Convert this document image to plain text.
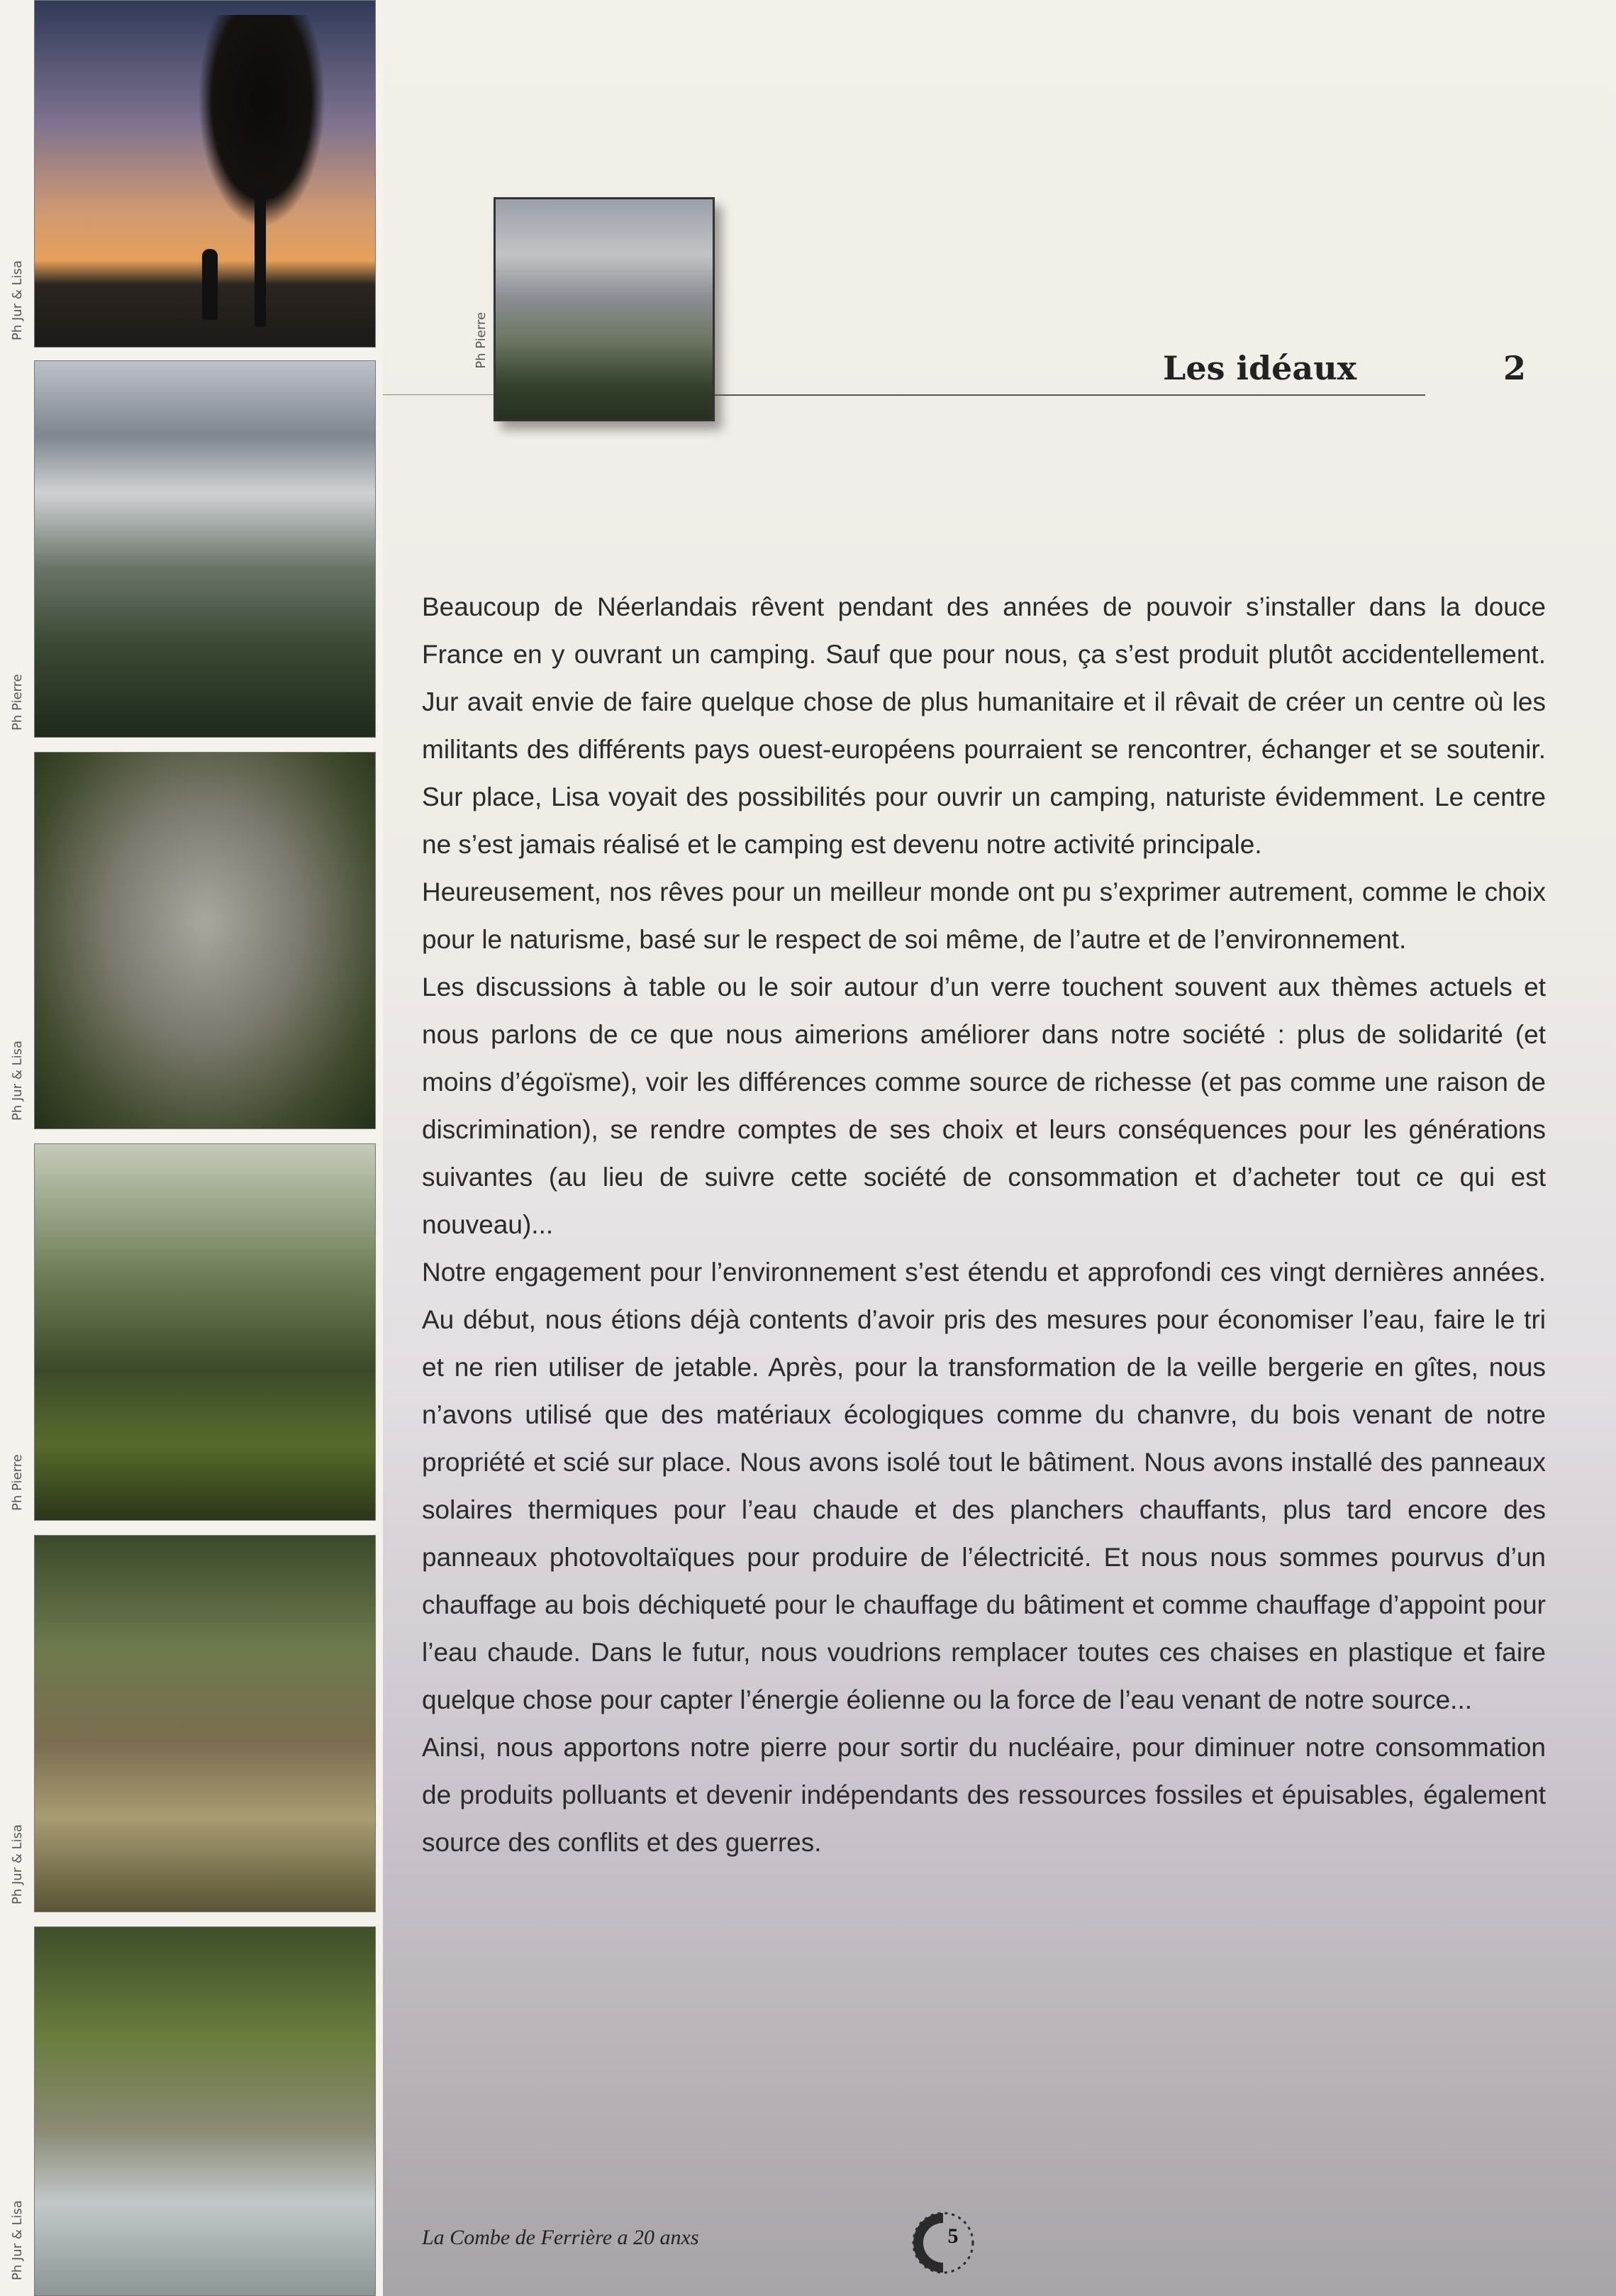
Ph Jur & Lisa
Ph Pierre
Ph Jur & Lisa
Ph Pierre
Ph Jur & Lisa
Ph Jur & Lisa
Ph Pierre	Les idéaux	2

Beaucoup de Néerlandais rêvent pendant des années de pouvoir s’installer dans la douce France en y ouvrant un camping. Sauf que pour nous, ça s’est produit plutôt accidentellement. Jur avait envie de faire quelque chose de plus humanitaire et il rêvait de créer un centre où les militants des différents pays ouest-européens pourraient se rencontrer, échanger et se soutenir. Sur place, Lisa voyait des possibilités pour ouvrir un camping, naturiste évidemment. Le centre ne s’est jamais réalisé et le camping est devenu notre activité principale.

Heureusement, nos rêves pour un meilleur monde ont pu s’exprimer autrement, comme le choix pour le naturisme, basé sur le respect de soi même, de l’autre et de l’environnement.

Les discussions à table ou le soir autour d’un verre touchent souvent aux thèmes actuels et nous parlons de ce que nous aimerions améliorer dans notre société : plus de solidarité (et moins d’égoïsme), voir les différences comme source de richesse (et pas comme une raison de discrimination), se rendre comptes de ses choix et leurs conséquences pour les générations suivantes (au lieu de suivre cette société de consommation et d’acheter tout ce qui est nouveau)...

Notre engagement pour l’environnement s’est étendu et approfondi ces vingt dernières années. Au début, nous étions déjà contents d’avoir pris des mesures pour économiser l’eau, faire le tri et ne rien utiliser de jetable. Après, pour la transformation de la veille bergerie en gîtes, nous n’avons utilisé que des matériaux écologiques comme du chanvre, du bois venant de notre propriété et scié sur place. Nous avons isolé tout le bâtiment. Nous avons installé des panneaux solaires thermiques pour l’eau chaude et des planchers chauffants, plus tard encore des panneaux photovoltaïques pour produire de l’électricité. Et nous nous sommes pourvus d’un chauffage au bois déchiqueté pour le chauffage du bâtiment et comme chauffage d’appoint pour l’eau chaude. Dans le futur, nous voudrions remplacer toutes ces chaises en plastique et faire quelque chose pour capter l’énergie éolienne ou la force de l’eau venant de notre source...

Ainsi, nous apportons notre pierre pour sortir du nucléaire, pour diminuer notre consommation de produits polluants et devenir indépendants des ressources fossiles et épuisables, également source des conflits et des guerres.

La Combe de Ferrière a 20 anxs	5
